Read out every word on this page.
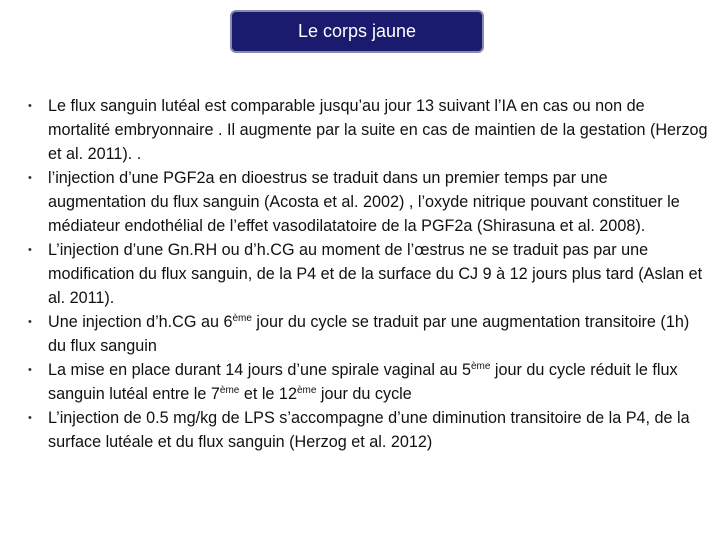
Le corps jaune
• Le flux sanguin lutéal est comparable jusqu’au jour 13 suivant l’IA en cas ou non de mortalité embryonnaire . Il augmente par la suite en cas de maintien de la gestation (Herzog et al. 2011). .
• l’injection d’une PGF2a en dioestrus se traduit dans un premier temps par une augmentation du flux sanguin (Acosta et al. 2002) , l’oxyde nitrique pouvant constituer le médiateur endothélial de l’effet vasodilatatoire de la PGF2a (Shirasuna et al. 2008).
• L’injection d’une Gn.RH ou d’h.CG au moment de l’œstrus ne se traduit pas par une modification du flux sanguin, de la P4 et de la surface du CJ 9 à 12 jours plus tard (Aslan et al. 2011).
• Une injection d’h.CG au 6ème jour du cycle se traduit par une augmentation transitoire (1h) du flux sanguin
• La mise en place durant 14 jours d’une spirale vaginal au 5ème jour du cycle réduit le flux sanguin lutéal entre le 7ème et le 12ème jour du cycle
• L’injection de 0.5 mg/kg de LPS s’accompagne d’une diminution transitoire de la P4, de la surface lutéale et du flux sanguin (Herzog et al. 2012)
